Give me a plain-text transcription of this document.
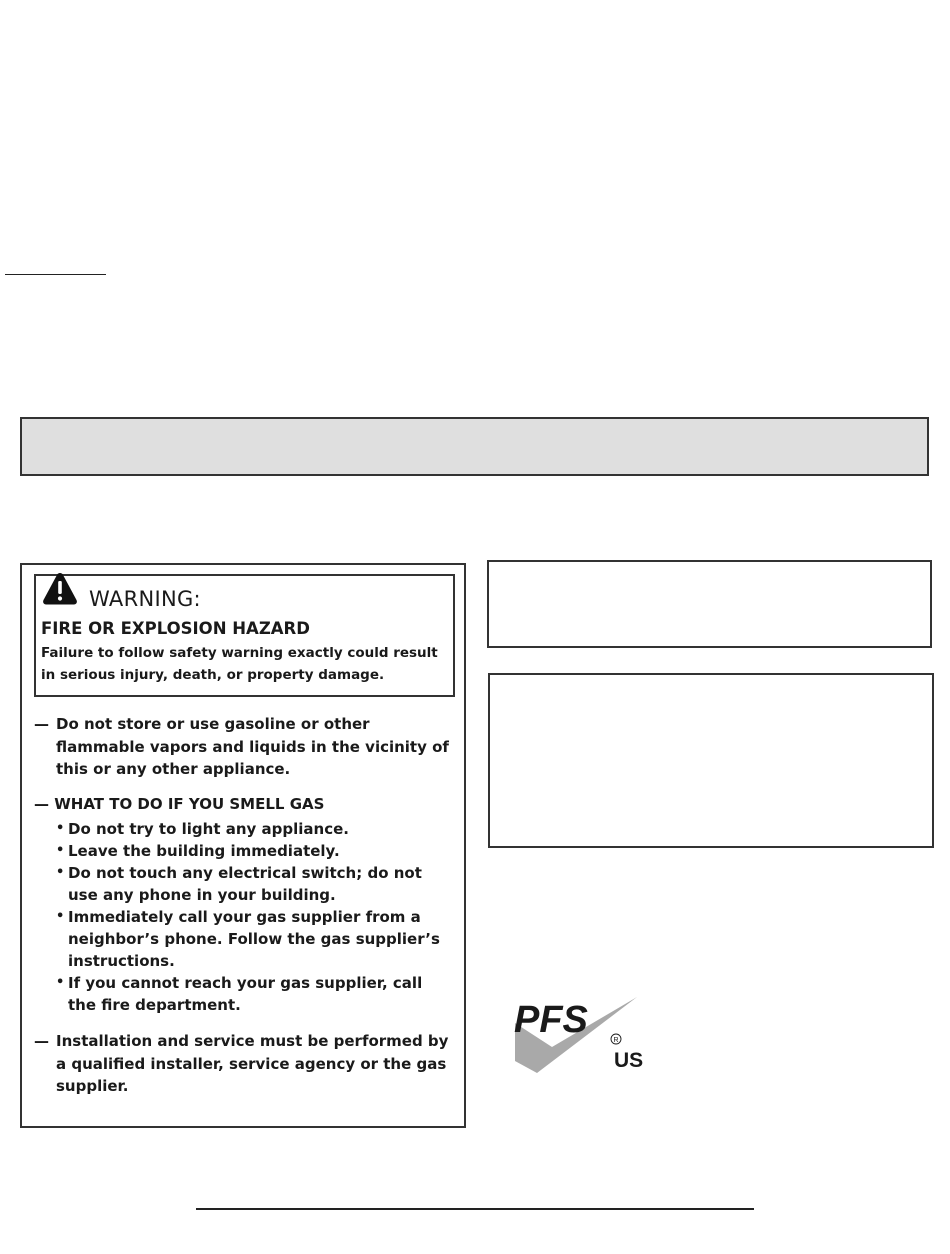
WARNING:
FIRE OR EXPLOSION HAZARD
Failure to follow safety warning exactly could result in serious injury, death, or property damage.
— Do not store or use gasoline or other flammable vapors and liquids in the vicinity of this or any other appliance.
— WHAT TO DO IF YOU SMELL GAS
• Do not try to light any appliance.
• Leave the building immediately.
• Do not touch any electrical switch; do not use any phone in your building.
• Immediately call your gas supplier from a neighbor’s phone. Follow the gas supplier’s instructions.
• If you cannot reach your gas supplier, call the fire department.
— Installation and service must be performed by a qualified installer, service agency or the gas supplier.
PFS	R
US
